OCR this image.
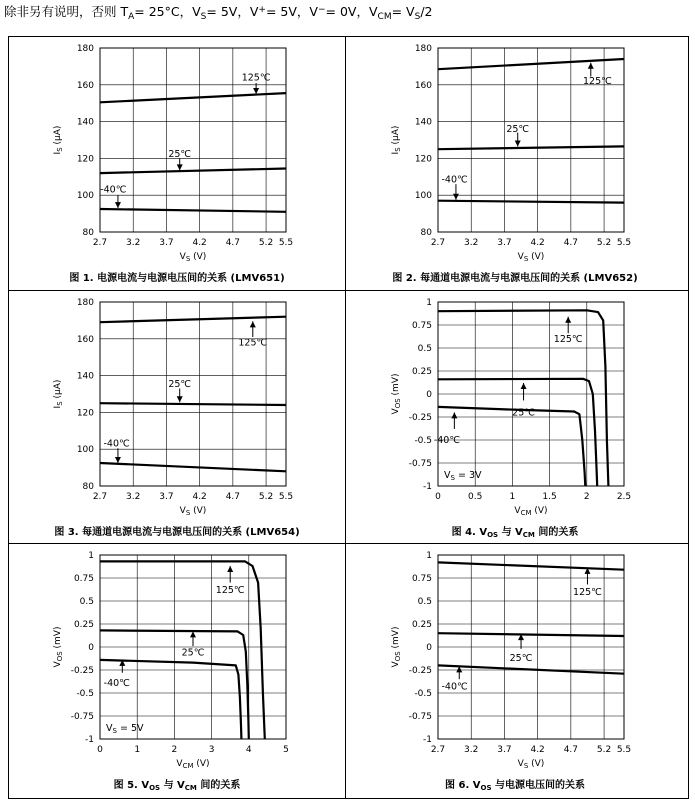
除非另有说明，否则 $T_A= 25^\circ C$，$V_S= 5V$，V+= 5V，V−= 0V，$V_{CM}= V_S/2$
2.7 3.2 3.7 4.2 4.7 5.2 5.5
80
100
120
140
160
180
$V_S$ (V)
$I_S$ (μA)
125℃
25℃
-40℃
图 1. 电源电流与电源电压间的关系 (LMV651)
2.7 3.2 3.7 4.2 4.7 5.2 5.5
80
100
120
140
160
180
$V_S$ (V)
$I_S$ (μA)
125℃
25℃
-40℃
图 2. 每通道电源电流与电源电压间的关系 (LMV652)
2.7 3.2 3.7 4.2 4.7 5.2 5.5
80
100
120
140
160
180
$V_S$ (V)
$I_S$ (μA)
125℃
25℃
-40℃
图 3. 每通道电源电流与电源电压间的关系 (LMV654)
0	0.5	1	1.5	2	2.5
-1
-0.75
-0.5
-0.25
0
0.25
0.5
0.75
1
$V_{CM}$ (V)
$V_{OS}$ (mV)
125℃
25℃
-40℃
$V_S = 3V$
图 4. $V_{OS}$ 与 $V_{CM}$ 间的关系
0	1	2	3	4	5
-1
-0.75
-0.5
-0.25
0
0.25
0.5
0.75
1
$V_{CM}$ (V)
$V_{OS}$ (mV)
125℃
25℃
-40℃
$V_S = 5V$
图 5. $V_{OS}$ 与 $V_{CM}$ 间的关系
2.7 3.2 3.7 4.2 4.7 5.2 5.5
-1
-0.75
-0.5
-0.25
0
0.25
0.5
0.75
1
$V_S$ (V)
$V_{OS}$ (mV)
125℃
25℃
-40℃
图 6. $V_{OS}$ 与电源电压间的关系
